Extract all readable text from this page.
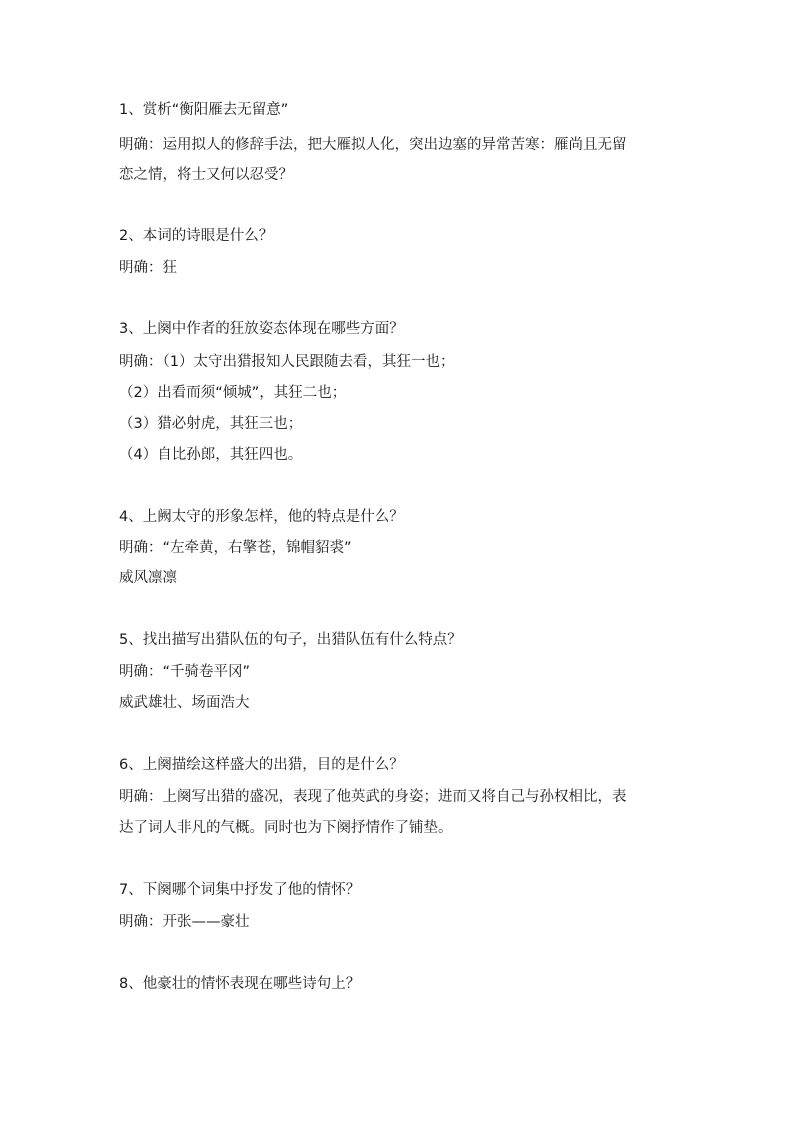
1、赏析“衡阳雁去无留意”
明确：运用拟人的修辞手法，把大雁拟人化，突出边塞的异常苦寒：雁尚且无留
恋之情，将士又何以忍受？
2、本词的诗眼是什么？
明确：狂
3、上阕中作者的狂放姿态体现在哪些方面？
明确：（1）太守出猎报知人民跟随去看，其狂一也；
（2）出看而须“倾城”，其狂二也；
（3）猎必射虎，其狂三也；
（4）自比孙郎，其狂四也。
4、上阙太守的形象怎样，他的特点是什么？
明确：“左牵黄，右擎苍，锦帽貂裘”
威风凛凛
5、找出描写出猎队伍的句子，出猎队伍有什么特点？
明确：“千骑卷平冈”
威武雄壮、场面浩大
6、上阕描绘这样盛大的出猎，目的是什么？
明确：上阕写出猎的盛况，表现了他英武的身姿；进而又将自己与孙权相比，表
达了词人非凡的气概。同时也为下阕抒情作了铺垫。
7、下阕哪个词集中抒发了他的情怀？
明确：开张——豪壮
8、他豪壮的情怀表现在哪些诗句上？
